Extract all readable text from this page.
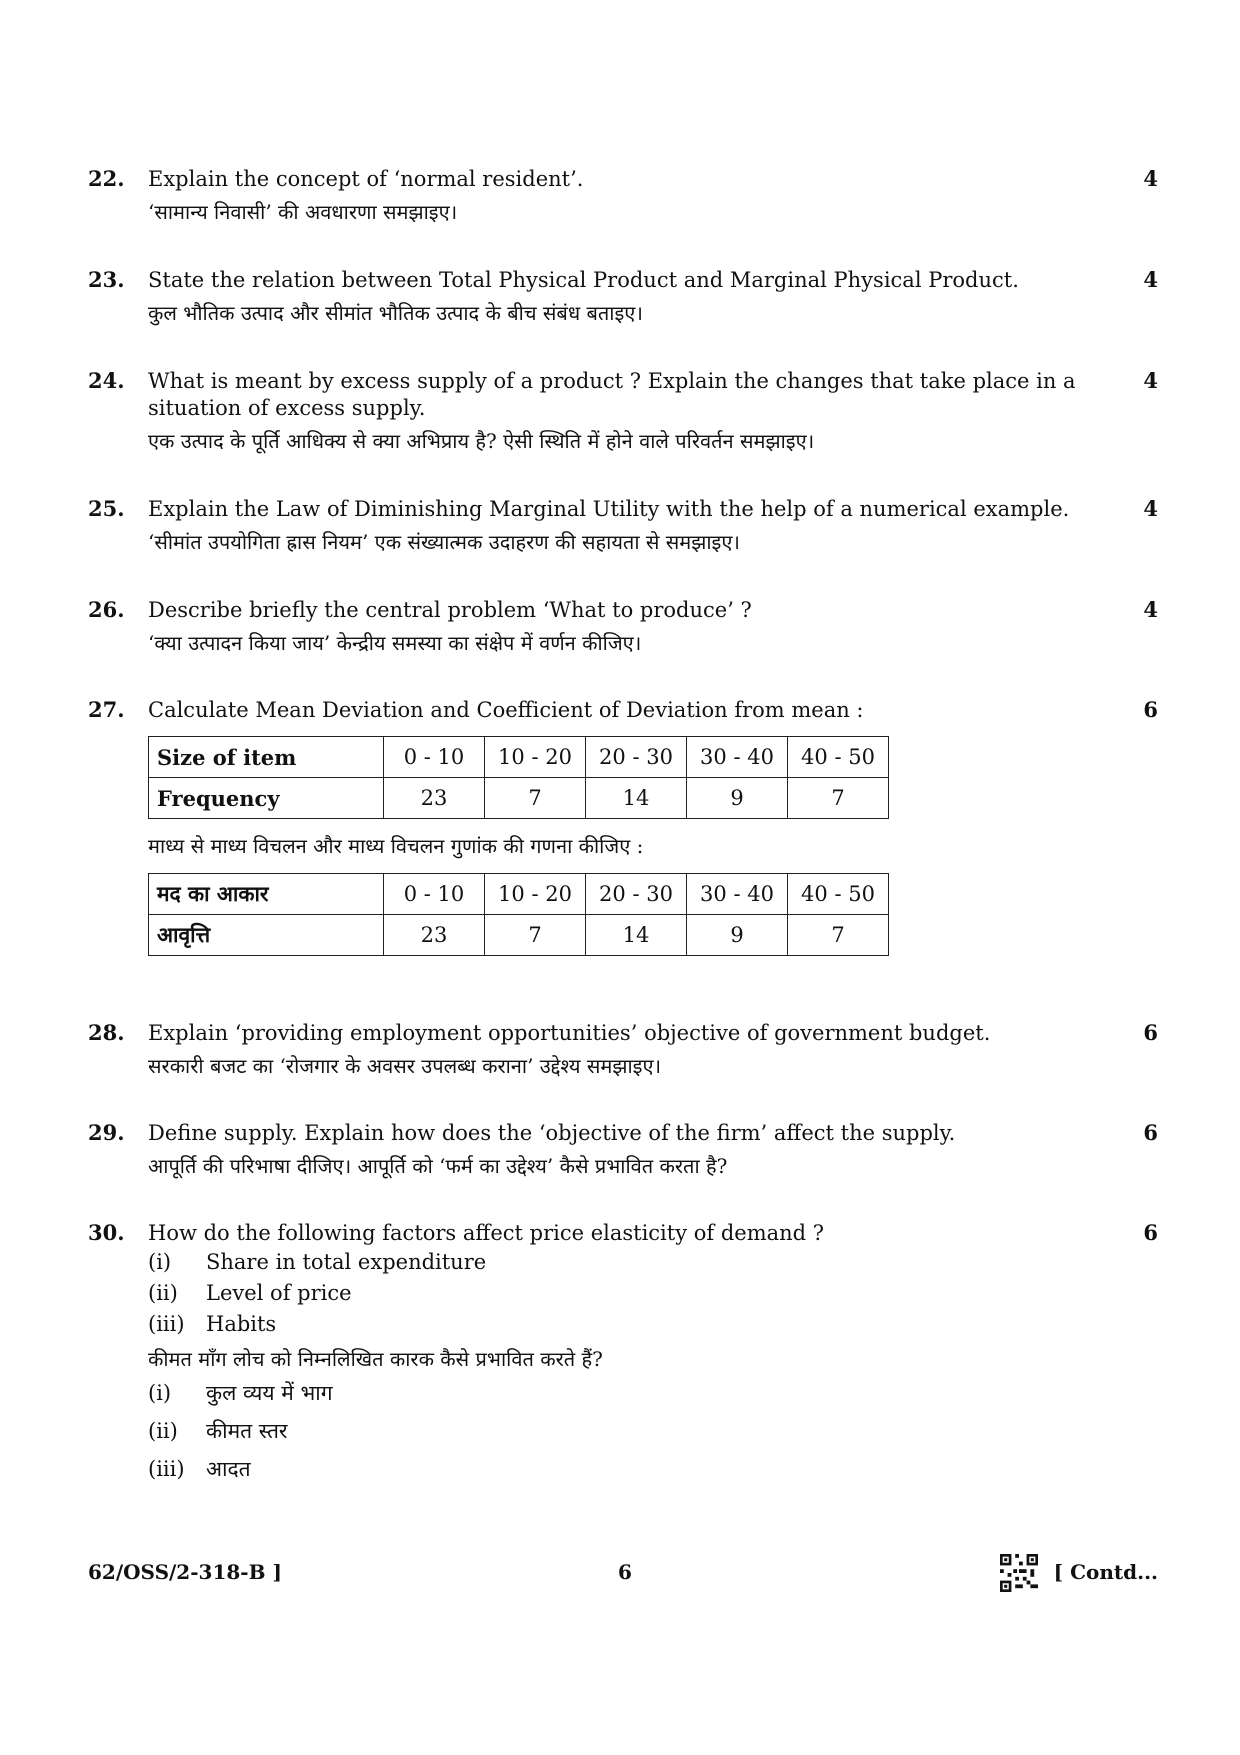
22. Explain the concept of ‘normal resident’.
‘सामान्य निवासी’ की अवधारणा समझाइए।
4
23. State the relation between Total Physical Product and Marginal Physical Product.
कुल भौतिक उत्पाद और सीमांत भौतिक उत्पाद के बीच संबंध बताइए।
4
24. What is meant by excess supply of a product ? Explain the changes that take place in a situation of excess supply.
एक उत्पाद के पूर्ति आधिक्य से क्या अभिप्राय है? ऐसी स्थिति में होने वाले परिवर्तन समझाइए।
4
25. Explain the Law of Diminishing Marginal Utility with the help of a numerical example.
‘सीमांत उपयोगिता ह्रास नियम’ एक संख्यात्मक उदाहरण की सहायता से समझाइए।
4
26. Describe briefly the central problem ‘What to produce’ ?
‘क्या उत्पादन किया जाय’ केन्द्रीय समस्या का संक्षेप में वर्णन कीजिए।
4
27. Calculate Mean Deviation and Coefficient of Deviation from mean :
Size of item	0 - 10	10 - 20	20 - 30	30 - 40	40 - 50
Frequency	23	7	14	9	7
माध्य से माध्य विचलन और माध्य विचलन गुणांक की गणना कीजिए :
मद का आकार	0 - 10	10 - 20	20 - 30	30 - 40	40 - 50
आवृत्ति	23	7	14	9	7
6
28. Explain ‘providing employment opportunities’ objective of government budget.
सरकारी बजट का ‘रोजगार के अवसर उपलब्ध कराना’ उद्देश्य समझाइए।
6
29. Define supply. Explain how does the ‘objective of the firm’ affect the supply.
आपूर्ति की परिभाषा दीजिए। आपूर्ति को ‘फर्म का उद्देश्य’ कैसे प्रभावित करता है?
6
30. How do the following factors affect price elasticity of demand ?
(i)	Share in total expenditure
(ii)	Level of price
(iii)	Habits
कीमत माँग लोच को निम्नलिखित कारक कैसे प्रभावित करते हैं?
(i)	कुल व्यय में भाग
(ii)	कीमत स्तर
(iii)	आदत
6
62/OSS/2-318-B ]	6	[ Contd...
